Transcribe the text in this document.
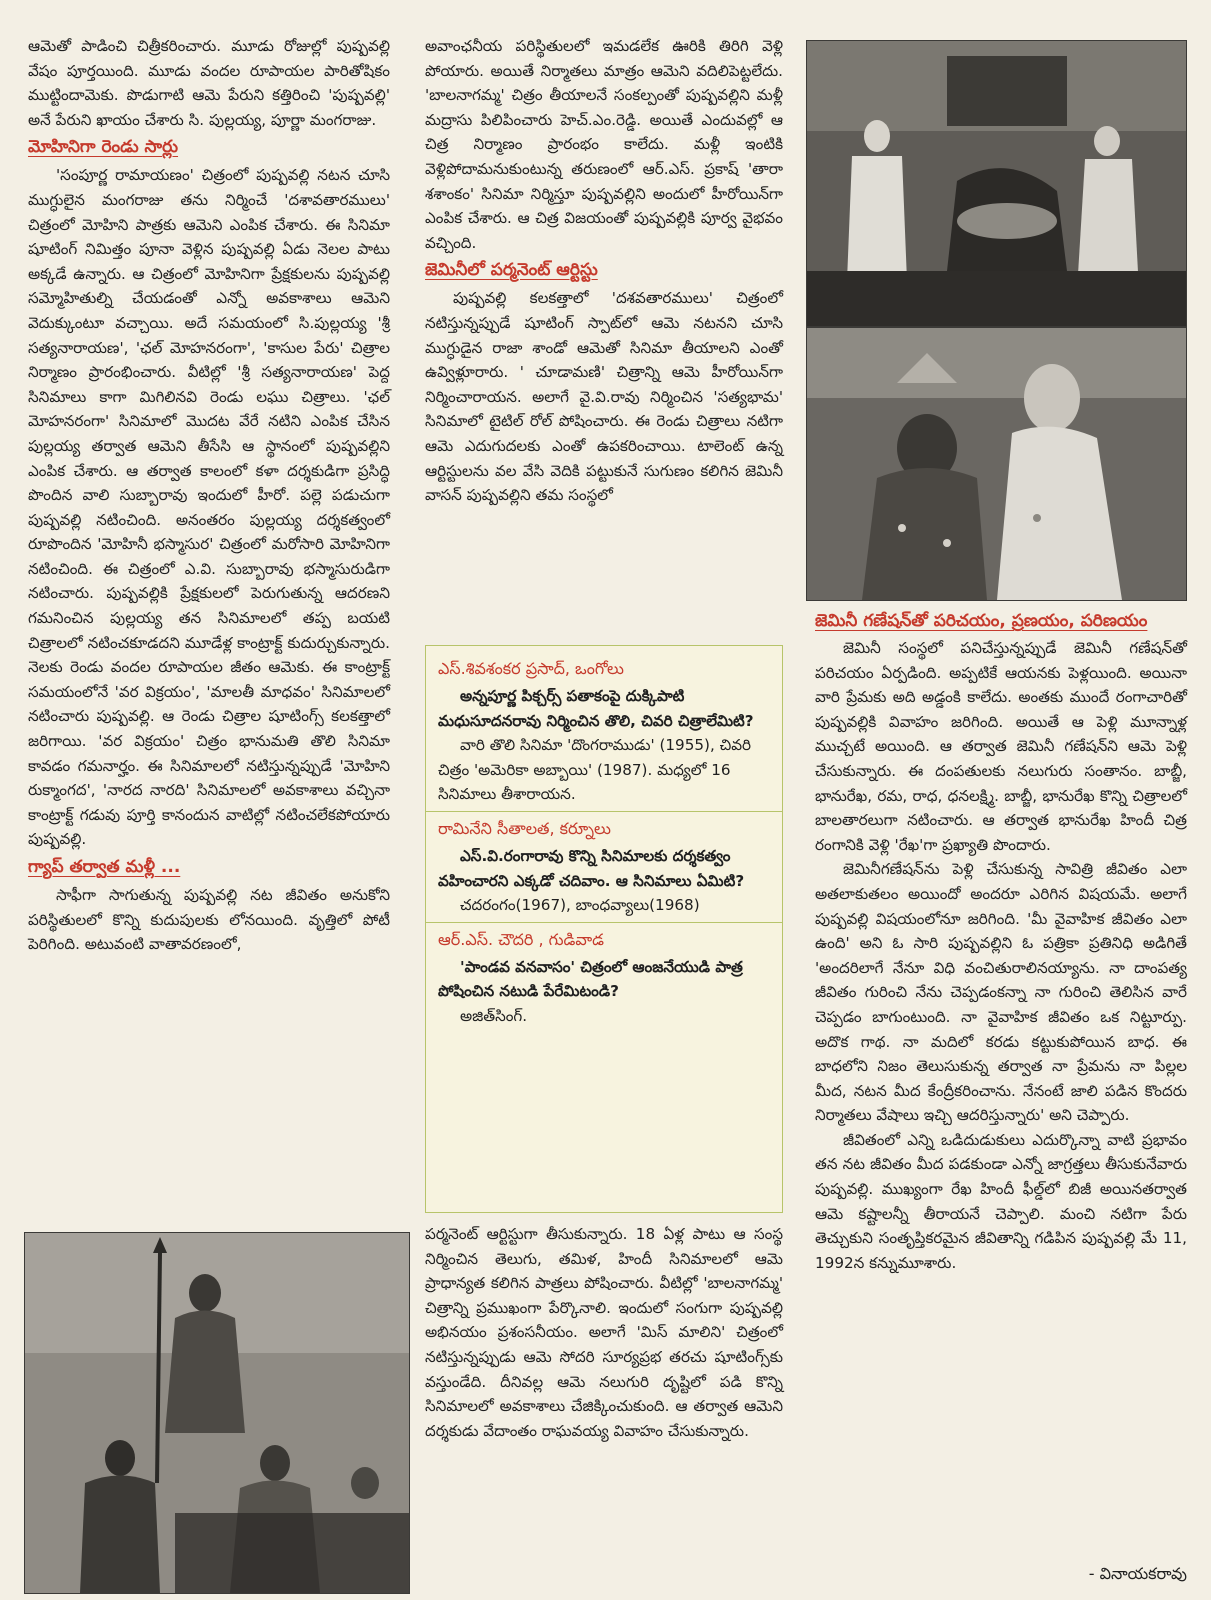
ఆమెతో పాడించి చిత్రీకరించారు. మూడు రోజుల్లో పుష్పవల్లి వేషం పూర్తయింది. మూడు వందల రూపాయల పారితోషికం ముట్టిందామెకు. పొడుగాటి ఆమె పేరుని కత్తిరించి 'పుష్పవల్లి' అనే పేరుని ఖాయం చేశారు సి. పుల్లయ్య, పూర్ణా మంగరాజు.

మోహినిగా రెండు సార్లు

'సంపూర్ణ రామాయణం' చిత్రంలో పుష్పవల్లి నటన చూసి ముగ్ధులైన మంగరాజు తను నిర్మించే 'దశావతారములు' చిత్రంలో మోహిని పాత్రకు ఆమెని ఎంపిక చేశారు. ఈ సినిమా షూటింగ్ నిమిత్తం పూనా వెళ్లిన పుష్పవల్లి ఏడు నెలల పాటు అక్కడే ఉన్నారు. ఆ చిత్రంలో మోహినిగా ప్రేక్షకులను పుష్పవల్లి సమ్మోహితుల్ని చేయడంతో ఎన్నో అవకాశాలు ఆమెని వెదుక్కుంటూ వచ్చాయి. అదే సమయంలో సి.పుల్లయ్య 'శ్రీ సత్యనారాయణ', 'ఛల్ మోహనరంగా', 'కాసుల పేరు' చిత్రాల నిర్మాణం ప్రారంభించారు. వీటిల్లో 'శ్రీ సత్యనారాయణ' పెద్ద సినిమాలు కాగా మిగిలినవి రెండు లఘు చిత్రాలు. 'ఛల్ మోహనరంగా' సినిమాలో మొదట వేరే నటిని ఎంపిక చేసిన పుల్లయ్య తర్వాత ఆమెని తీసేసి ఆ స్థానంలో పుష్పవల్లిని ఎంపిక చేశారు. ఆ తర్వాత కాలంలో కళా దర్శకుడిగా ప్రసిద్ధి పొందిన వాలి సుబ్బారావు ఇందులో హీరో. పల్లె పడుచుగా పుష్పవల్లి నటించింది. అనంతరం పుల్లయ్య దర్శకత్వంలో రూపొందిన 'మోహినీ భస్మాసుర' చిత్రంలో మరోసారి మోహినిగా నటించింది. ఈ చిత్రంలో ఎ.వి. సుబ్బారావు భస్మాసురుడిగా నటించారు. పుష్పవల్లికి ప్రేక్షకులలో పెరుగుతున్న ఆదరణని గమనించిన పుల్లయ్య తన సినిమాలలో తప్ప బయటి చిత్రాలలో నటించకూడదని మూడేళ్ల కాంట్రాక్ట్ కుదుర్చుకున్నారు. నెలకు రెండు వందల రూపాయల జీతం ఆమెకు. ఈ కాంట్రాక్ట్ సమయంలోనే 'వర విక్రయం', 'మాలతీ మాధవం' సినిమాలలో నటించారు పుష్పవల్లి. ఆ రెండు చిత్రాల షూటింగ్స్ కలకత్తాలో జరిగాయి. 'వర విక్రయం' చిత్రం భానుమతి తొలి సినిమా కావడం గమనార్హం. ఈ సినిమాలలో నటిస్తున్నప్పుడే 'మోహిని రుక్మాంగద', 'నారద నారది' సినిమాలలో అవకాశాలు వచ్చినా కాంట్రాక్ట్ గడువు పూర్తి కానందున వాటిల్లో నటించలేకపోయారు పుష్పవల్లి.

గ్యాప్ తర్వాత మళ్లీ ...

సాఫీగా సాగుతున్న పుష్పవల్లి నట జీవితం అనుకోని పరిస్థితులలో కొన్ని కుదుపులకు లోనయింది. వృత్తిలో పోటీ పెరిగింది. అటువంటి వాతావరణంలో,

అవాంఛనీయ పరిస్థితులలో ఇమడలేక ఊరికి తిరిగి వెళ్లి పోయారు. అయితే నిర్మాతలు మాత్రం ఆమెని వదిలిపెట్టలేదు. 'బాలనాగమ్మ' చిత్రం తీయాలనే సంకల్పంతో పుష్పవల్లిని మళ్లీ మద్రాసు పిలిపించారు హెచ్.ఎం.రెడ్డి. అయితే ఎందువల్లో ఆ చిత్ర నిర్మాణం ప్రారంభం కాలేదు. మళ్లీ ఇంటికి వెళ్లిపోదామనుకుంటున్న తరుణంలో ఆర్.ఎస్. ప్రకాష్ 'తారా శశాంకం' సినిమా నిర్మిస్తూ పుష్పవల్లిని అందులో హీరోయిన్‌గా ఎంపిక చేశారు. ఆ చిత్ర విజయంతో పుష్పవల్లికి పూర్వ వైభవం వచ్చింది.

జెమినీలో పర్మనెంట్ ఆర్టిస్టు

పుష్పవల్లి కలకత్తాలో 'దశవతారములు' చిత్రంలో నటిస్తున్నప్పుడే షూటింగ్ స్పాట్‌లో ఆమె నటనని చూసి ముగ్ధుడైన రాజా శాండో ఆమెతో సినిమా తీయాలని ఎంతో ఉవ్విళ్లూరారు. ' చూడామణి' చిత్రాన్ని ఆమె హీరోయిన్‌గా నిర్మించారాయన. అలాగే వై.వి.రావు నిర్మించిన 'సత్యభామ' సినిమాలో టైటిల్ రోల్ పోషించారు. ఈ రెండు చిత్రాలు నటిగా ఆమె ఎదుగుదలకు ఎంతో ఉపకరించాయి. టాలెంట్ ఉన్న ఆర్టిస్టులను వల వేసి వెదికి పట్టుకునే సుగుణం కలిగిన జెమినీ వాసన్ పుష్పవల్లిని తమ సంస్థలో

ఎస్.శివశంకర ప్రసాద్, ఒంగోలు

అన్నపూర్ణ పిక్చర్స్ పతాకంపై దుక్కిపాటి మధుసూదనరావు నిర్మించిన తొలి, చివరి చిత్రాలేమిటి?

వారి తొలి సినిమా 'దొంగరాముడు' (1955), చివరి చిత్రం 'అమెరికా అబ్బాయి' (1987). మధ్యలో 16 సినిమాలు తీశారాయన.

రామినేని సీతాలత, కర్నూలు

ఎస్.వి.రంగారావు కొన్ని సినిమాలకు దర్శకత్వం వహించారని ఎక్కడో చదివాం. ఆ సినిమాలు ఏమిటి?

చదరంగం(1967), బాంధవ్యాలు(1968)

ఆర్.ఎస్. చౌదరి , గుడివాడ

'పాండవ వనవాసం' చిత్రంలో ఆంజనేయుడి పాత్ర పోషించిన నటుడి పేరేమిటండి?

అజిత్‌సింగ్.

పర్మనెంట్ ఆర్టిస్టుగా తీసుకున్నారు. 18 ఏళ్ల పాటు ఆ సంస్థ నిర్మించిన తెలుగు, తమిళ, హిందీ సినిమాలలో ఆమె ప్రాధాన్యత కలిగిన పాత్రలు పోషించారు. వీటిల్లో 'బాలనాగమ్మ' చిత్రాన్ని ప్రముఖంగా పేర్కొనాలి. ఇందులో సంగుగా పుష్పవల్లి అభినయం ప్రశంసనీయం. అలాగే 'మిస్ మాలిని' చిత్రంలో నటిస్తున్నప్పుడు ఆమె సోదరి సూర్యప్రభ తరచు షూటింగ్స్‌కు వస్తుండేది. దీనివల్ల ఆమె నలుగురి దృష్టిలో పడి కొన్ని సినిమాలలో అవకాశాలు చేజిక్కించుకుంది. ఆ తర్వాత ఆమెని దర్శకుడు వేదాంతం రాఘవయ్య వివాహం చేసుకున్నారు.

జెమినీ గణేషన్‌తో పరిచయం, ప్రణయం, పరిణయం

జెమినీ సంస్థలో పనిచేస్తున్నప్పుడే జెమినీ గణేషన్‌తో పరిచయం ఏర్పడింది. అప్పటికే ఆయనకు పెళ్లయింది. అయినా వారి ప్రేమకు అది అడ్డంకి కాలేదు. అంతకు ముందే రంగాచారితో పుష్పవల్లికి వివాహం జరిగింది. అయితే ఆ పెళ్లి మూన్నాళ్ల ముచ్చటే అయింది. ఆ తర్వాత జెమినీ గణేషన్‌ని ఆమె పెళ్లి చేసుకున్నారు. ఈ దంపతులకు నలుగురు సంతానం. బాబ్జీ, భానురేఖ, రమ, రాధ, ధనలక్ష్మి. బాబ్జీ, భానురేఖ కొన్ని చిత్రాలలో బాలతారలుగా నటించారు. ఆ తర్వాత భానురేఖ హిందీ చిత్ర రంగానికి వెళ్లి 'రేఖ'గా ప్రఖ్యాతి పొందారు.

జెమినీగణేషన్‌ను పెళ్లి చేసుకున్న సావిత్రి జీవితం ఎలా అతలాకుతలం అయిందో అందరూ ఎరిగిన విషయమే. అలాగే పుష్పవల్లి విషయంలోనూ జరిగింది. 'మీ వైవాహిక జీవితం ఎలా ఉంది' అని ఓ సారి పుష్పవల్లిని ఓ పత్రికా ప్రతినిధి అడిగితే 'అందరిలాగే నేనూ విధి వంచితురాలినయ్యాను. నా దాంపత్య జీవితం గురించి నేను చెప్పడంకన్నా నా గురించి తెలిసిన వారే చెప్పడం బాగుంటుంది. నా వైవాహిక జీవితం ఒక నిట్టూర్పు. అదొక గాథ. నా మదిలో కరడు కట్టుకుపోయిన బాధ. ఈ బాధలోని నిజం తెలుసుకున్న తర్వాత నా ప్రేమను నా పిల్లల మీద, నటన మీద కేంద్రీకరించాను. నేనంటే జాలి పడిన కొందరు నిర్మాతలు వేషాలు ఇచ్చి ఆదరిస్తున్నారు' అని చెప్పారు.

జీవితంలో ఎన్ని ఒడిదుడుకులు ఎదుర్కొన్నా వాటి ప్రభావం తన నట జీవితం మీద పడకుండా ఎన్నో జాగ్రత్తలు తీసుకునేవారు పుష్పవల్లి. ముఖ్యంగా రేఖ హిందీ ఫీల్డ్‌లో బిజీ అయినతర్వాత ఆమె కష్టాలన్నీ తీరాయనే చెప్పాలి. మంచి నటిగా పేరు తెచ్చుకుని సంతృప్తికరమైన జీవితాన్ని గడిపిన పుష్పవల్లి మే 11, 1992న కన్నుమూశారు.

- వినాయకరావు
